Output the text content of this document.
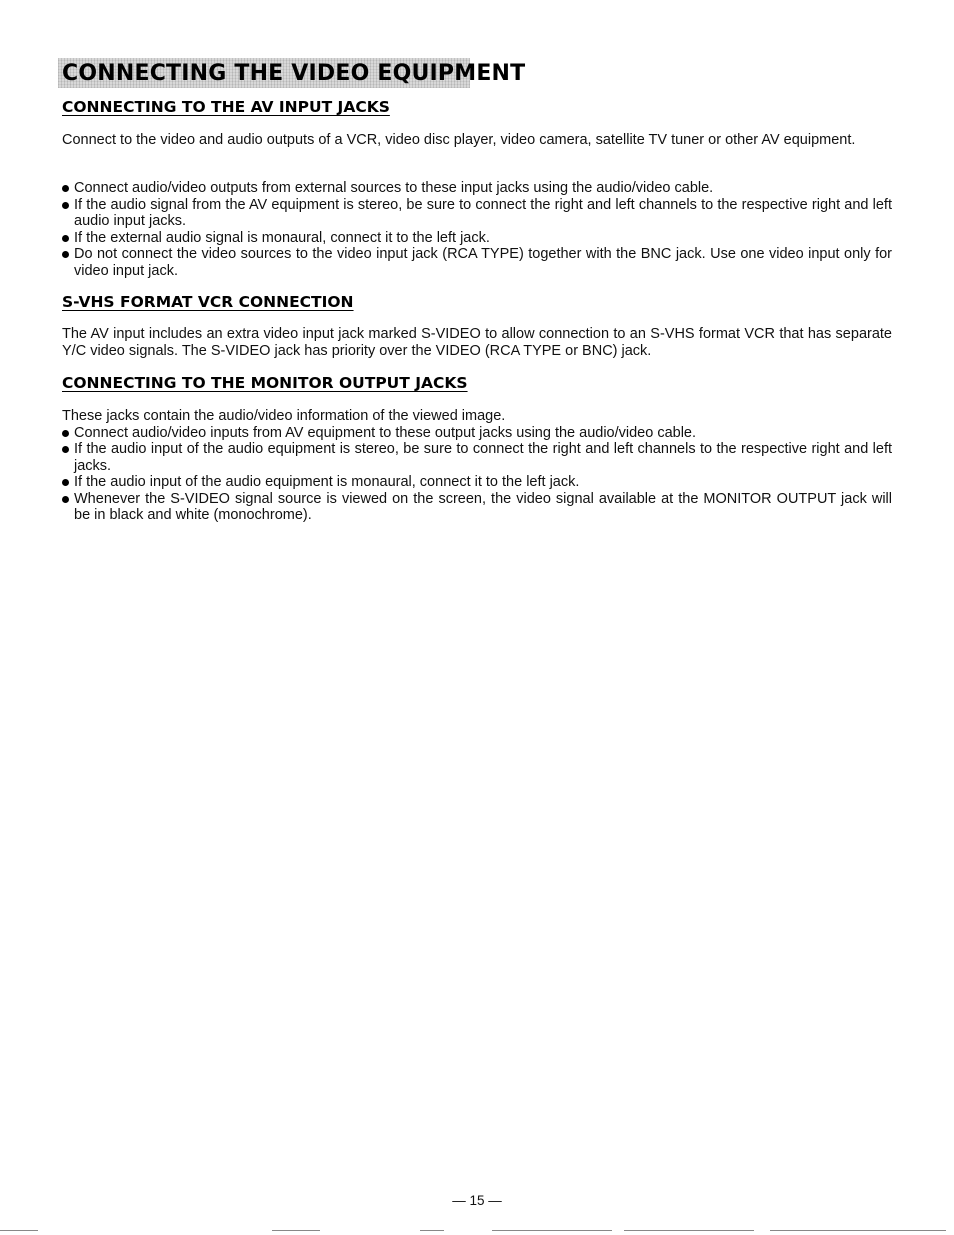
CONNECTING THE VIDEO EQUIPMENT
CONNECTING TO THE AV INPUT JACKS

Connect to the video and audio outputs of a VCR, video disc player, video camera, satellite TV tuner or other AV equipment.

Connect audio/video outputs from external sources to these input jacks using the audio/video cable.
If the audio signal from the AV equipment is stereo, be sure to connect the right and left channels to the respective right and left audio input jacks.
If the external audio signal is monaural, connect it to the left jack.
Do not connect the video sources to the video input jack (RCA TYPE) together with the BNC jack. Use one video input only for video input jack.
S-VHS FORMAT VCR CONNECTION

The AV input includes an extra video input jack marked S-VIDEO to allow connection to an S-VHS format VCR that has separate Y/C video signals. The S-VIDEO jack has priority over the VIDEO (RCA TYPE or BNC) jack.

CONNECTING TO THE MONITOR OUTPUT JACKS

These jacks contain the audio/video information of the viewed image.

Connect audio/video inputs from AV equipment to these output jacks using the audio/video cable.
If the audio input of the audio equipment is stereo, be sure to connect the right and left channels to the respective right and left jacks.
If the audio input of the audio equipment is monaural, connect it to the left jack.
Whenever the S-VIDEO signal source is viewed on the screen, the video signal available at the MONITOR OUTPUT jack will be in black and white (monochrome).
— 15 —
